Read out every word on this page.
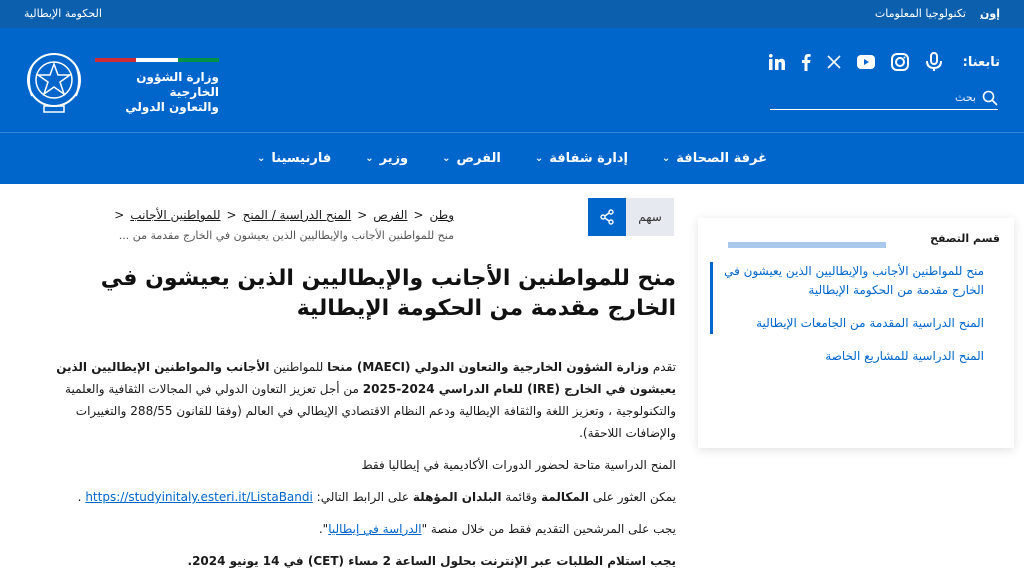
الحكومة الإيطالية	إون
تكنولوجيا المعلومات
وزارة الشؤون الخارجية
والتعاون الدولي
تابعنا:
بحث
غرفة الصحافة
⌄
إدارة شفافة
⌄
الفرص
⌄
وزير
⌄
فارنيسينا
⌄
سهم
وطن
<
الفرص
<
المنح الدراسية / المنح
<
للمواطنين الأجانب
<
منح للمواطنين الأجانب والإيطاليين الذين يعيشون في الخارج مقدمة من ...
منح للمواطنين الأجانب والإيطاليين الذين يعيشون في الخارج مقدمة من الحكومة الإيطالية

تقدم وزارة الشؤون الخارجية والتعاون الدولي (MAECI) منحا للمواطنين الأجانب والمواطنين الإيطاليين الذين يعيشون في الخارج (IRE) للعام الدراسي 2024-2025 من أجل تعزيز التعاون الدولي في المجالات الثقافية والعلمية والتكنولوجية ، وتعزيز اللغة والثقافة الإيطالية ودعم النظام الاقتصادي الإيطالي في العالم (وفقا للقانون 288/55 والتغييرات والإضافات اللاحقة).

المنح الدراسية متاحة لحضور الدورات الأكاديمية في إيطاليا فقط

يمكن العثور على المكالمة وقائمة البلدان المؤهلة على الرابط التالي: https://studyinitaly.esteri.it/ListaBandi .

يجب على المرشحين التقديم فقط من خلال منصة "الدراسة في إيطاليا".

يجب استلام الطلبات عبر الإنترنت بحلول الساعة 2 مساء (CET) في 14 يونيو 2024.

قسم التصفح
منح للمواطنين الأجانب والإيطاليين الذين يعيشون في الخارج مقدمة من الحكومة الإيطالية
المنح الدراسية المقدمة من الجامعات الإيطالية
المنح الدراسية للمشاريع الخاصة
